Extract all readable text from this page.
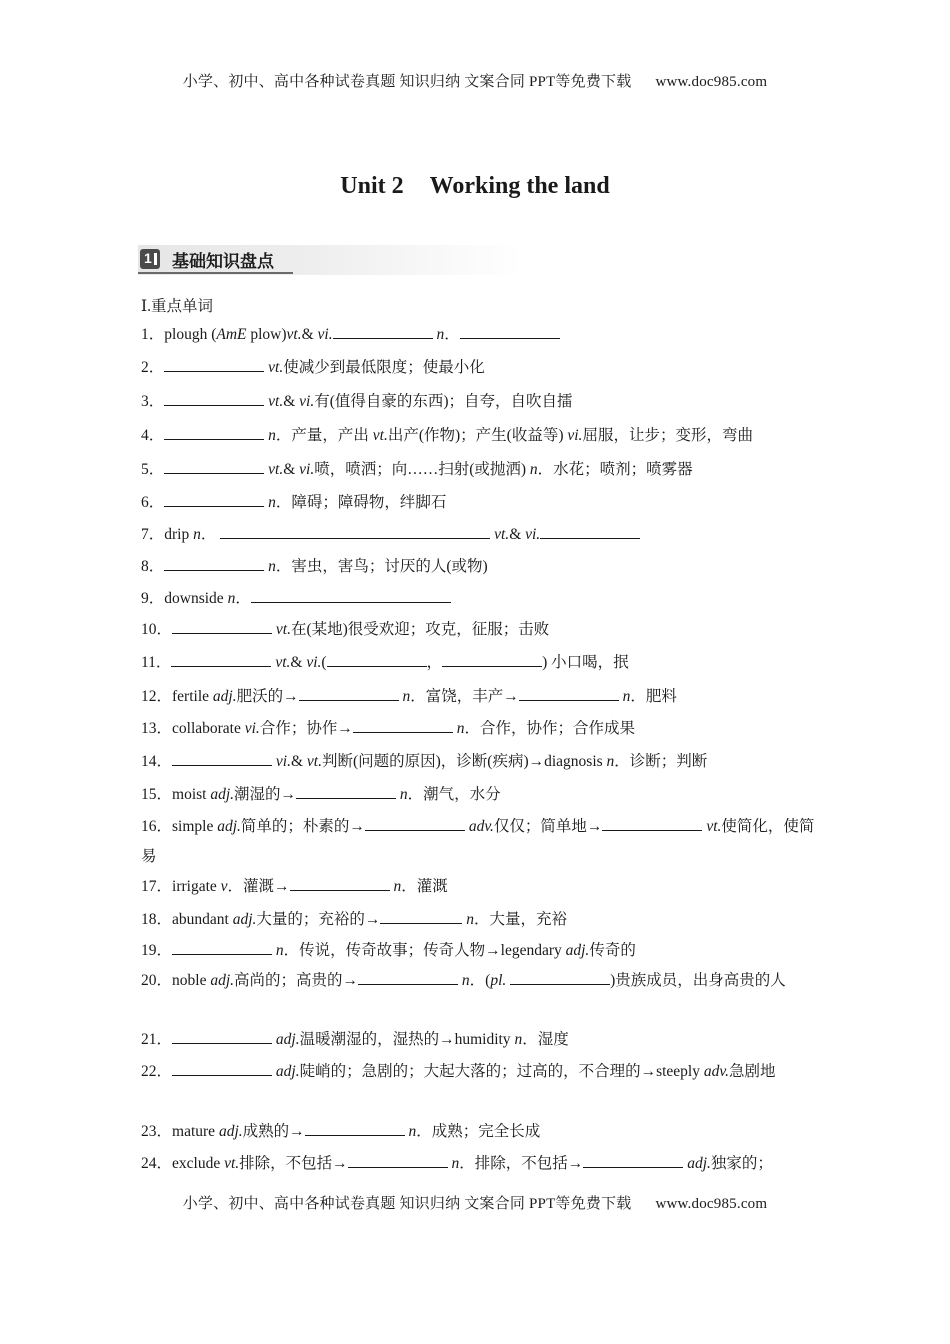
小学、初中、高中各种试卷真题 知识归纳 文案合同 PPT等免费下载 www.doc985.com
Unit 2 Working the land
1 基础知识盘点
Ⅰ.重点单词
1．plough (AmE plow)vt.& vi.	n．
2．	vt.使减少到最低限度；使最小化
3．	vt.& vi.有(值得自豪的东西)；自夸，自吹自擂
4．	n．产量，产出 vt.出产(作物)；产生(收益等) vi.屈服，让步；变形，弯曲
5．	vt.& vi.喷，喷洒；向……扫射(或抛洒) n．水花；喷剂；喷雾器
6．	n．障碍；障碍物，绊脚石
7．drip n．	vt.& vi.
8．	n．害虫，害鸟；讨厌的人(或物)
9．downside n．
10．	vt.在(某地)很受欢迎；攻克，征服；击败
11．	vt.& vi.(	，	) 小口喝，抿
12．fertile adj.肥沃的→	n．富饶，丰产→	n．肥料
13．collaborate vi.合作；协作→	n．合作，协作；合作成果
14．	vi.& vt.判断(问题的原因)，诊断(疾病)→diagnosis n．诊断；判断
15．moist adj.潮湿的→	n．潮气，水分
16．simple adj.简单的；朴素的→	adv.仅仅；简单地→	vt.使简化，使简易
17．irrigate v．灌溉→	n．灌溉
18．abundant adj.大量的；充裕的→	n．大量，充裕
19．	n．传说，传奇故事；传奇人物→legendary adj.传奇的
20．noble adj.高尚的；高贵的→	n．(pl.	)贵族成员，出身高贵的人
21．	adj.温暖潮湿的，湿热的→humidity n．湿度
22．	adj.陡峭的；急剧的；大起大落的；过高的，不合理的→steeply adv.急剧地
23．mature adj.成熟的→	n．成熟；完全长成
24．exclude vt.排除，不包括→	n．排除，不包括→	adj.独家的；
小学、初中、高中各种试卷真题 知识归纳 文案合同 PPT等免费下载 www.doc985.com
